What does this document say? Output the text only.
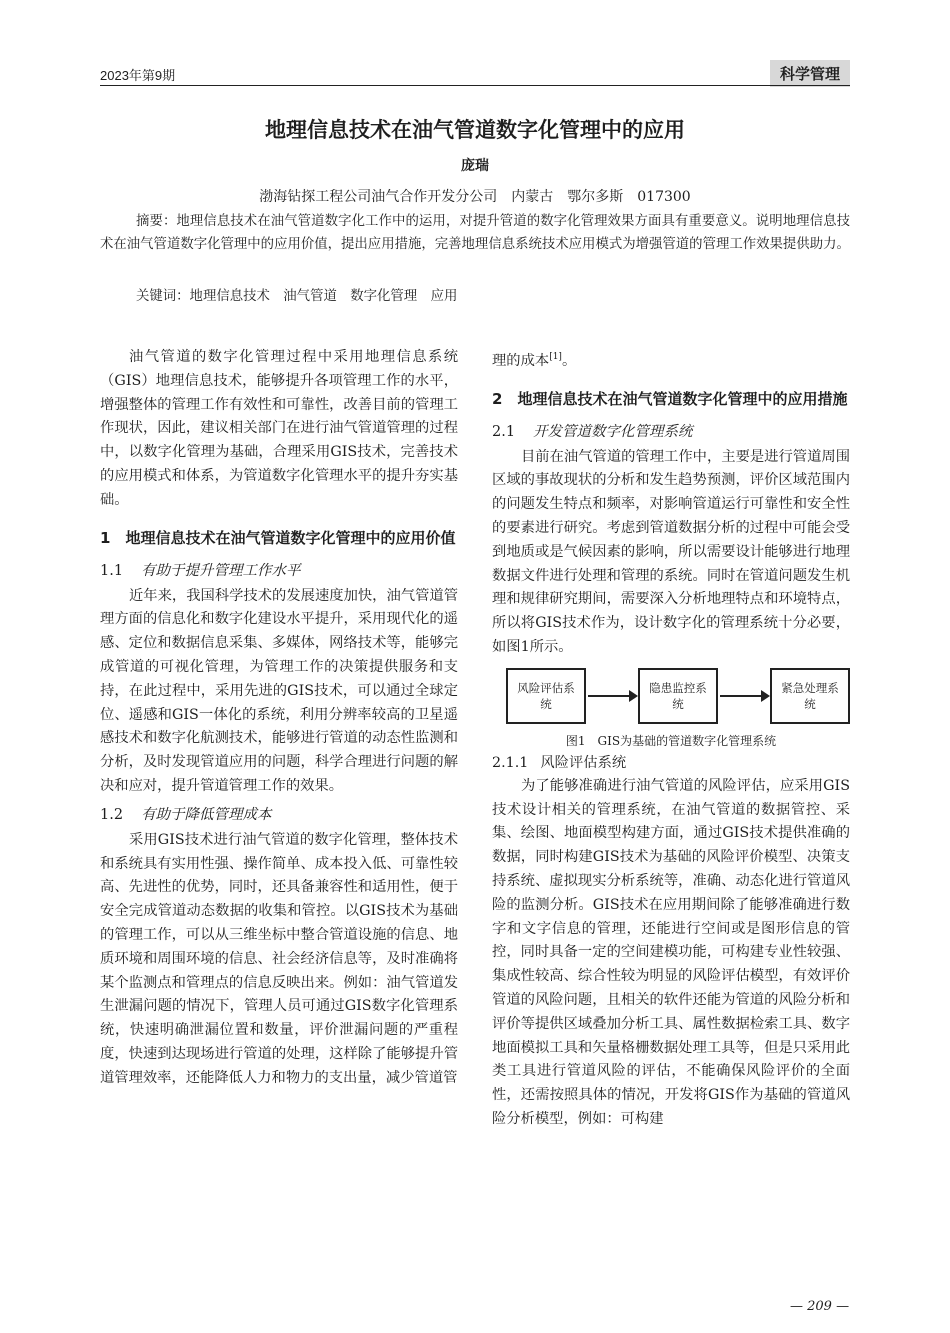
2023年第9期	科学管理
地理信息技术在油气管道数字化管理中的应用
庞瑞
渤海钻探工程公司油气合作开发分公司　内蒙古　鄂尔多斯　017300
摘要：地理信息技术在油气管道数字化工作中的运用，对提升管道的数字化管理效果方面具有重要意义。说明地理信息技术在油气管道数字化管理中的应用价值，提出应用措施，完善地理信息系统技术应用模式为增强管道的管理工作效果提供助力。
关键词：地理信息技术　油气管道　数字化管理　应用

油气管道的数字化管理过程中采用地理信息系统（GIS）地理信息技术，能够提升各项管理工作的水平，增强整体的管理工作有效性和可靠性，改善目前的管理工作现状，因此，建议相关部门在进行油气管道管理的过程中，以数字化管理为基础，合理采用GIS技术，完善技术的应用模式和体系，为管道数字化管理水平的提升夯实基础。

1　 地理信息技术在油气管道数字化管理中的应用价值
1.1 有助于提升管理工作水平

近年来，我国科学技术的发展速度加快，油气管道管理方面的信息化和数字化建设水平提升，采用现代化的遥感、定位和数据信息采集、多媒体，网络技术等，能够完成管道的可视化管理，为管理工作的决策提供服务和支持，在此过程中，采用先进的GIS技术，可以通过全球定位、遥感和GIS一体化的系统，利用分辨率较高的卫星遥感技术和数字化航测技术，能够进行管道的动态性监测和分析，及时发现管道应用的问题，科学合理进行问题的解决和应对，提升管道管理工作的效果。

1.2 有助于降低管理成本

采用GIS技术进行油气管道的数字化管理，整体技术和系统具有实用性强、操作简单、成本投入低、可靠性较高、先进性的优势，同时，还具备兼容性和适用性，便于安全完成管道动态数据的收集和管控。以GIS技术为基础的管理工作，可以从三维坐标中整合管道设施的信息、地质环境和周围环境的信息、社会经济信息等，及时准确将某个监测点和管理点的信息反映出来。例如：油气管道发生泄漏问题的情况下，管理人员可通过GIS数字化管理系统，快速明确泄漏位置和数量，评价泄漏问题的严重程度，快速到达现场进行管道的处理，这样除了能够提升管道管理效率，还能降低人力和物力的支出量，减少管道管

理的成本[1]。

2　 地理信息技术在油气管道数字化管理中的应用措施
2.1 开发管道数字化管理系统

目前在油气管道的管理工作中，主要是进行管道周围区域的事故现状的分析和发生趋势预测，评价区域范围内的问题发生特点和频率，对影响管道运行可靠性和安全性的要素进行研究。考虑到管道数据分析的过程中可能会受到地质或是气候因素的影响，所以需要设计能够进行地理数据文件进行处理和管理的系统。同时在管道问题发生机理和规律研究期间，需要深入分析地理特点和环境特点，所以将GIS技术作为，设计数字化的管理系统十分必要，如图1所示。

风险评估系统
隐患监控系统
紧急处理系统
图1　GIS为基础的管道数字化管理系统
2.1.1 风险评估系统

为了能够准确进行油气管道的风险评估，应采用GIS技术设计相关的管理系统，在油气管道的数据管控、采集、绘图、地面模型构建方面，通过GIS技术提供准确的数据，同时构建GIS技术为基础的风险评价模型、决策支持系统、虚拟现实分析系统等，准确、动态化进行管道风险的监测分析。GIS技术在应用期间除了能够准确进行数字和文字信息的管理，还能进行空间或是图形信息的管控，同时具备一定的空间建模功能，可构建专业性较强、集成性较高、综合性较为明显的风险评估模型，有效评价管道的风险问题，且相关的软件还能为管道的风险分析和评价等提供区域叠加分析工具、属性数据检索工具、数字地面模拟工具和矢量格栅数据处理工具等，但是只采用此类工具进行管道风险的评估，不能确保风险评价的全面性，还需按照具体的情况，开发将GIS作为基础的管道风险分析模型，例如：可构建

— 209 —
